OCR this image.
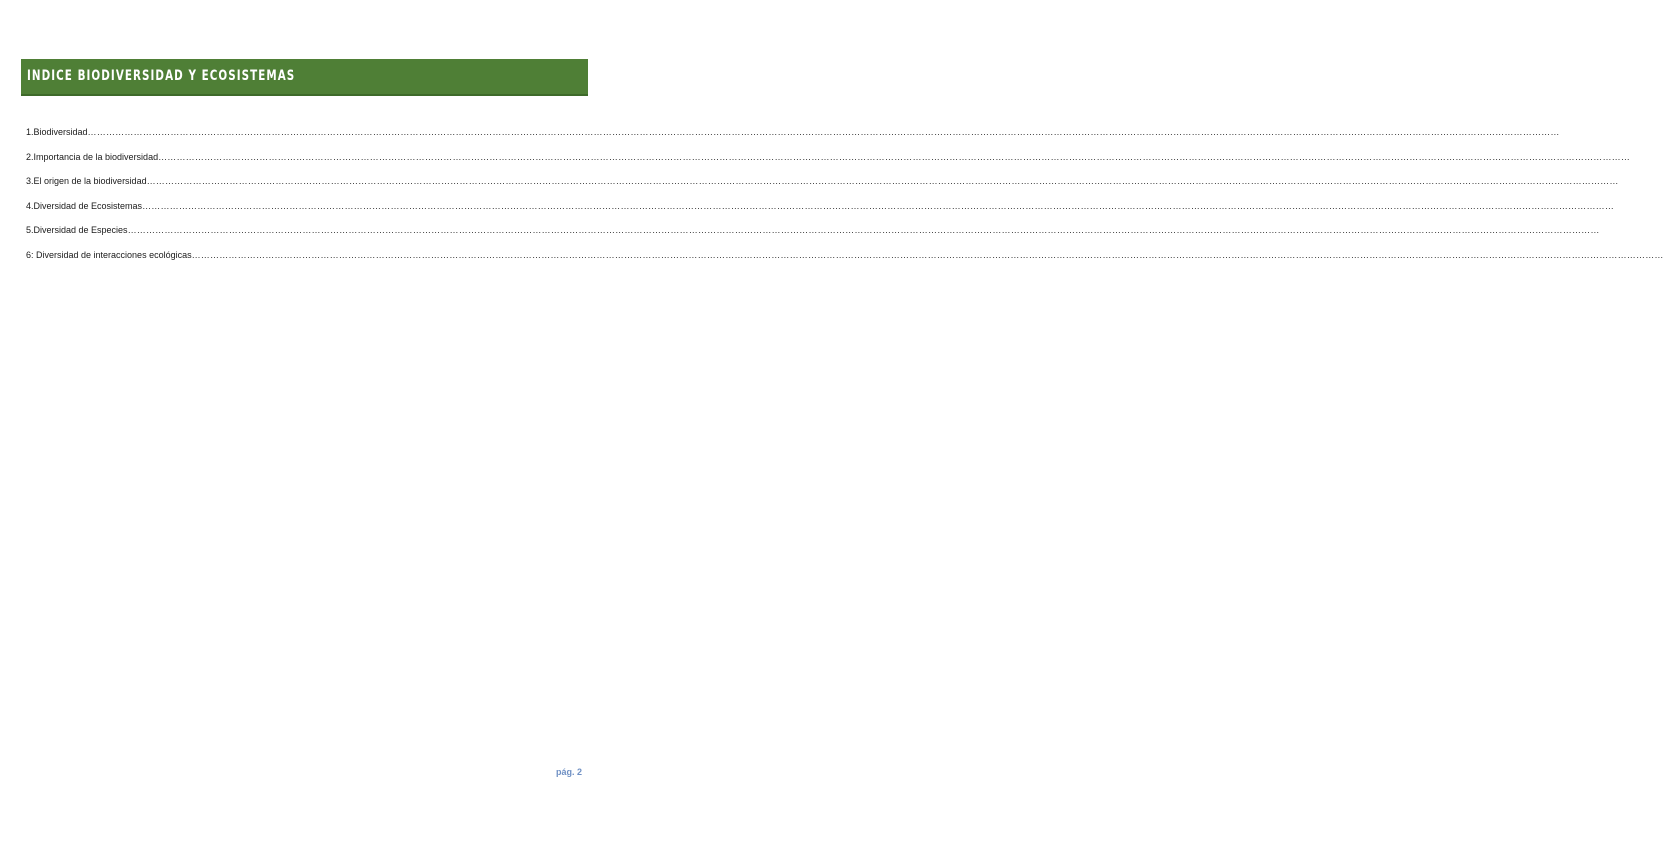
INDICE BIODIVERSIDAD Y ECOSISTEMAS
1.Biodiversidad …………………………………………………………………………………………………………………………………………………………………………………………………………………………………………………………………………………………………………………………………………………………………………………………………………………………………………
2.Importancia de la biodiversidad …………………………………………………………………………………………………………………………………………………………………………………………………………………………………………………………………………………………………………………………………………………………………………………………………………………………………………
3.El origen de la biodiversidad …………………………………………………………………………………………………………………………………………………………………………………………………………………………………………………………………………………………………………………………………………………………………………………………………………………………………………
4.Diversidad de Ecosistemas …………………………………………………………………………………………………………………………………………………………………………………………………………………………………………………………………………………………………………………………………………………………………………………………………………………………………………
5.Diversidad de Especies …………………………………………………………………………………………………………………………………………………………………………………………………………………………………………………………………………………………………………………………………………………………………………………………………………………………………………
6: Diversidad de interacciones ecológicas …………………………………………………………………………………………………………………………………………………………………………………………………………………………………………………………………………………………………………………………………………………………………………………………………………………………………………
pág. 2
